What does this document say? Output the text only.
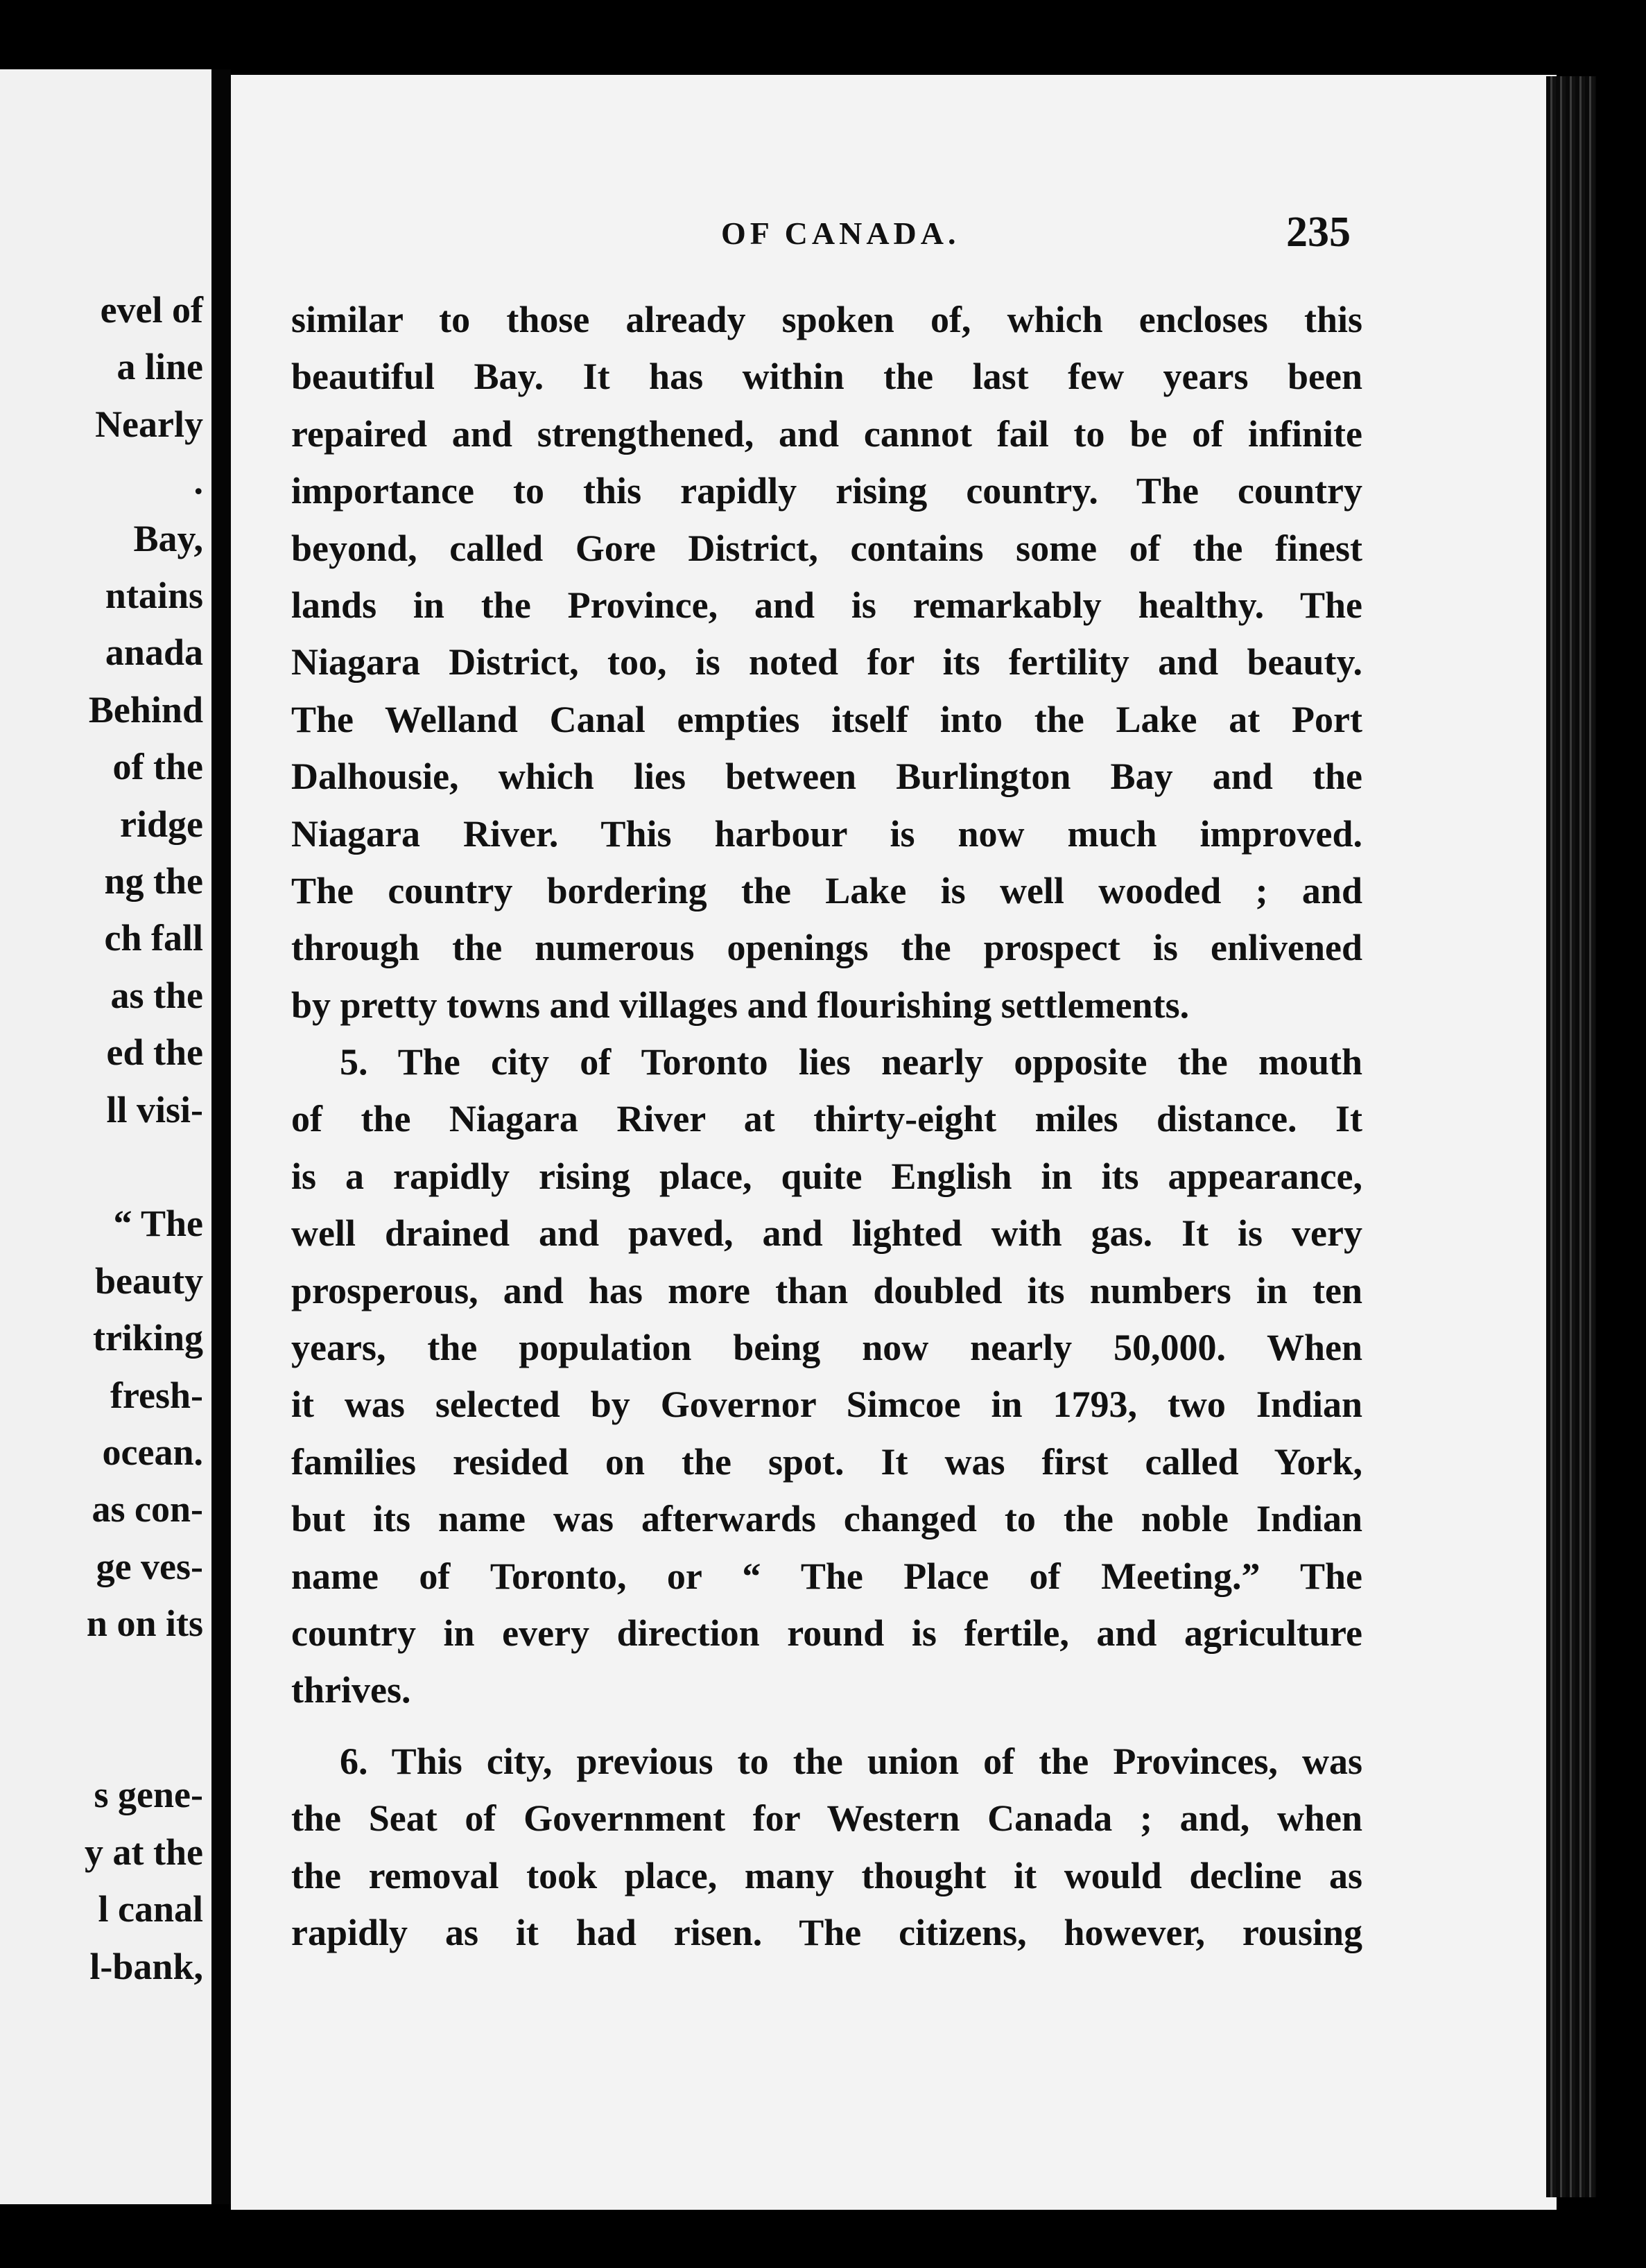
evel of

a line

Nearly

.

Bay,

ntains

anada

Behind

of the

ridge

ng the

ch fall

as the

ed the

ll visi-

“ The

beauty

triking

fresh-

ocean.

as con-

ge ves-

n on its

s gene-

y at the

l canal

l-bank,

OF CANADA.	235

similar to those already spoken of, which encloses this

beautiful Bay. It has within the last few years been

repaired and strengthened, and cannot fail to be of infinite

importance to this rapidly rising country. The country

beyond, called Gore District, contains some of the finest

lands in the Province, and is remarkably healthy. The

Niagara District, too, is noted for its fertility and beauty.

The Welland Canal empties itself into the Lake at Port

Dalhousie, which lies between Burlington Bay and the

Niagara River. This harbour is now much improved.

The country bordering the Lake is well wooded ; and

through the numerous openings the prospect is enlivened

by pretty towns and villages and flourishing settlements.

5. The city of Toronto lies nearly opposite the mouth

of the Niagara River at thirty-eight miles distance. It

is a rapidly rising place, quite English in its appearance,

well drained and paved, and lighted with gas. It is very

prosperous, and has more than doubled its numbers in ten

years, the population being now nearly 50,000. When

it was selected by Governor Simcoe in 1793, two Indian

families resided on the spot. It was first called York,

but its name was afterwards changed to the noble Indian

name of Toronto, or “ The Place of Meeting.” The

country in every direction round is fertile, and agriculture

thrives.

6. This city, previous to the union of the Provinces, was

the Seat of Government for Western Canada ; and, when

the removal took place, many thought it would decline as

rapidly as it had risen. The citizens, however, rousing
